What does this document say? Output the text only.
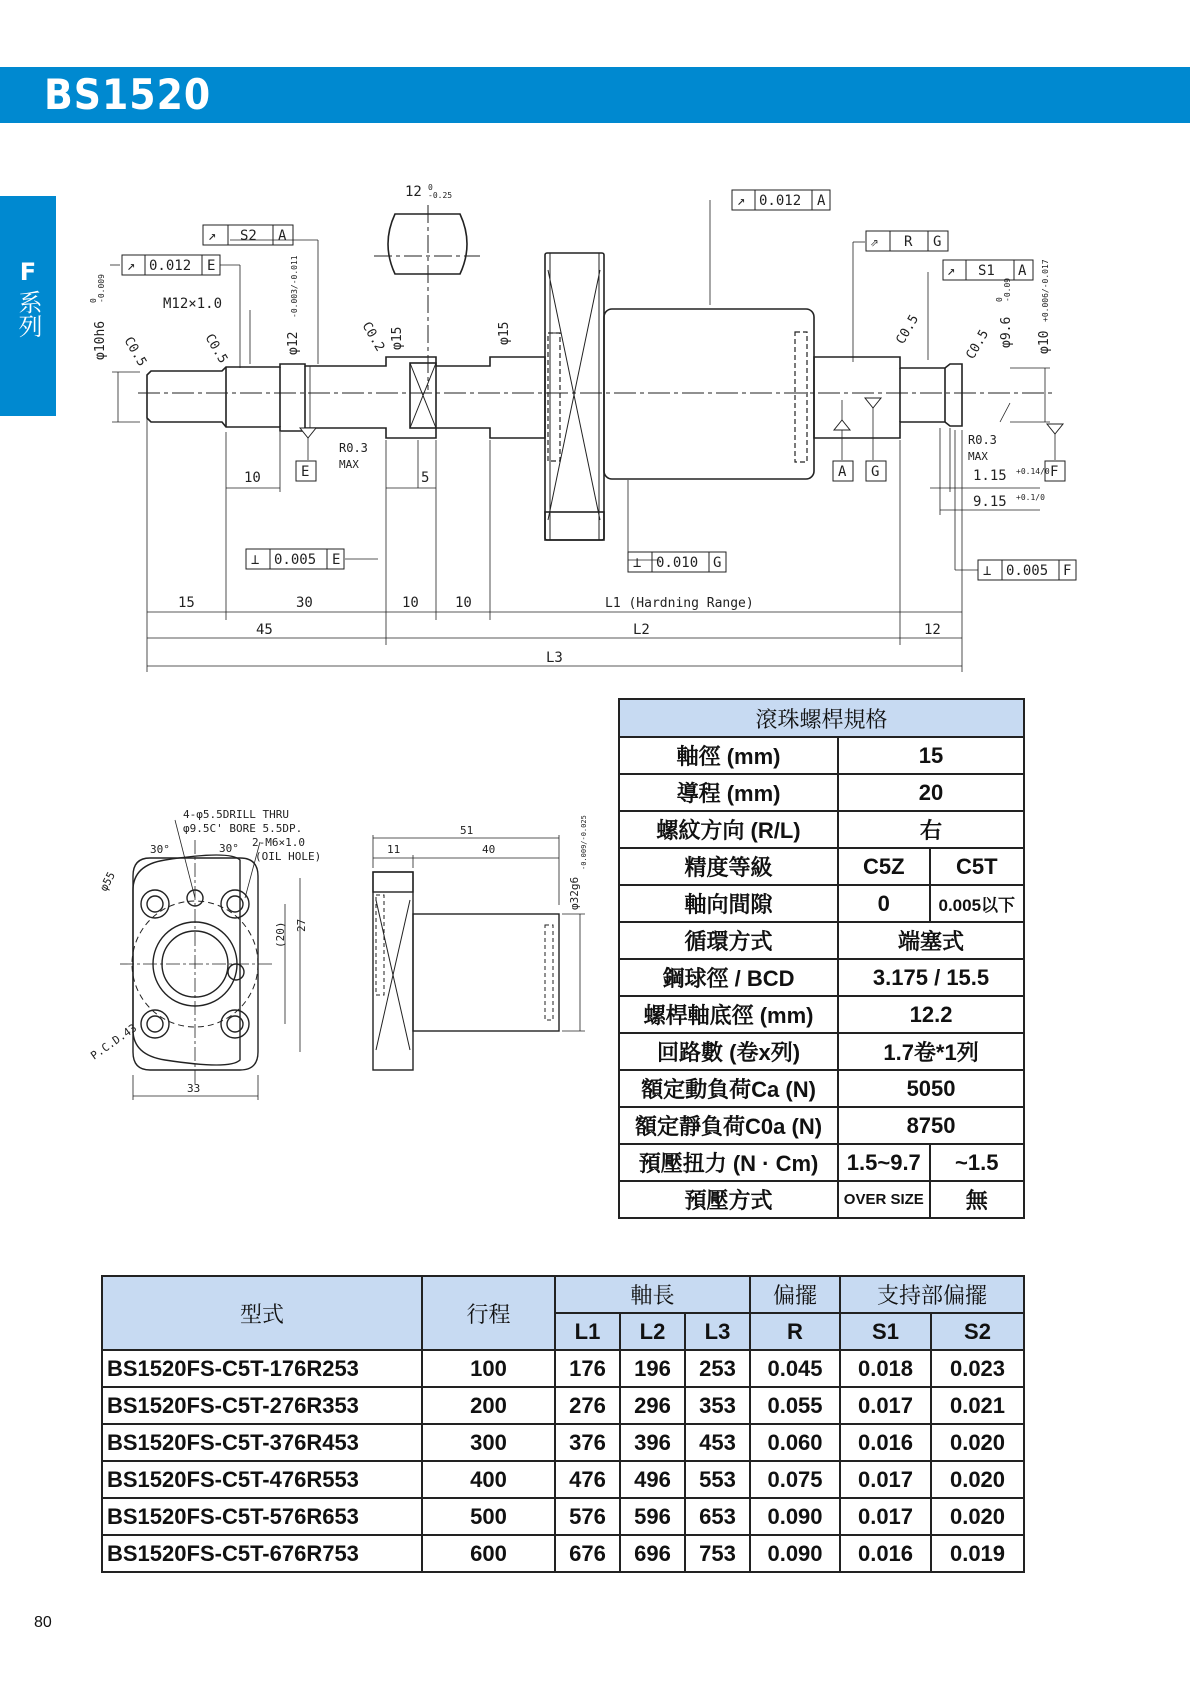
BS1520
F
系列
↗ S2 A
↗ 0.012 E
↗ 0.012 A
⇗ R G
↗ S1 A
⊥ 0.005 E	⊥ 0.010 G	⊥ 0.005 F
12 0
-0.25
M12×1.0
φ10h6
0 -0.009
φ12
-0.003/-0.011
φ15	φ15	φ9.6
0 -0.09
φ10
+0.006/-0.017
C0.5	C0.5	C0.2	C0.5	C0.5
R0.3
MAX
R0.3
MAX
E	A G	F
10	5	1.15 +0.14/0
9.15 +0.1/0
15	30	10	10	L1 (Hardning Range)
12
45	L2
L3
4-φ5.5DRILL THRU
φ9.5C' BORE 5.5DP.
2-M6×1.0
(OIL HOLE)
30°	30°
φ55
P.C.D.43
33
(20) 27
51
11	40
φ32g6
-0.009/-0.025
滾珠螺桿規格		
軸徑 (mm)	15	
導程 (mm)	20	
螺紋方向 (R/L)	右	
精度等級	C5Z	C5T
軸向間隙	0	0.005以下
循環方式	端塞式	
鋼球徑 / BCD	3.175 / 15.5	
螺桿軸底徑 (mm)	12.2	
回路數 (卷x列)	1.7卷*1列	
額定動負荷Ca (N)	5050	
額定靜負荷C0a (N)	8750	
預壓扭力 (N · Cm)	1.5~9.7	~1.5
預壓方式	OVER SIZE	無
型式	行程	軸長			偏擺	支持部偏擺	
		L1	L2	L3	R	S1	S2
BS1520FS-C5T-176R253	100	176	196	253	0.045	0.018	0.023
BS1520FS-C5T-276R353	200	276	296	353	0.055	0.017	0.021
BS1520FS-C5T-376R453	300	376	396	453	0.060	0.016	0.020
BS1520FS-C5T-476R553	400	476	496	553	0.075	0.017	0.020
BS1520FS-C5T-576R653	500	576	596	653	0.090	0.017	0.020
BS1520FS-C5T-676R753	600	676	696	753	0.090	0.016	0.019
80
